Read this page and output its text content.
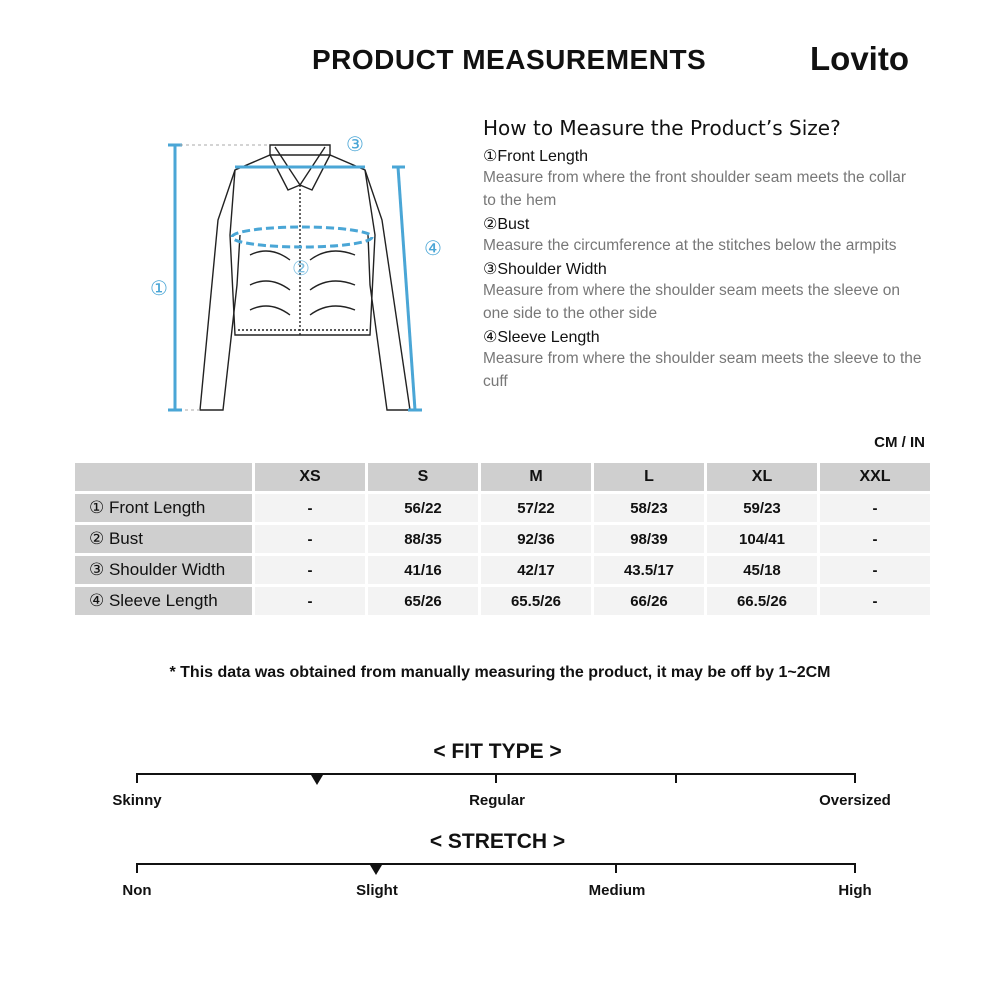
PRODUCT MEASUREMENTS	Lovito
①
②
③
④
How to Measure the Product’s Size?
①Front Length
Measure from where the front shoulder seam meets the collar to the hem
②Bust
Measure the circumference at the stitches below the armpits
③Shoulder Width
Measure from where the shoulder seam meets the sleeve on one side to the other side
④Sleeve Length
Measure from where the shoulder seam meets the sleeve to the cuff
CM / IN
	XS	S	M	L	XL	XXL
① Front Length	-	56/22	57/22	58/23	59/23	-
② Bust	-	88/35	92/36	98/39	104/41	-
③ Shoulder Width	-	41/16	42/17	43.5/17	45/18	-
④ Sleeve Length	-	65/26	65.5/26	66/26	66.5/26	-
* This data was obtained from manually measuring the product, it may be off by 1~2CM
< FIT TYPE >
Skinny	Regular	Oversized
< STRETCH >
Non	Slight	Medium	High
